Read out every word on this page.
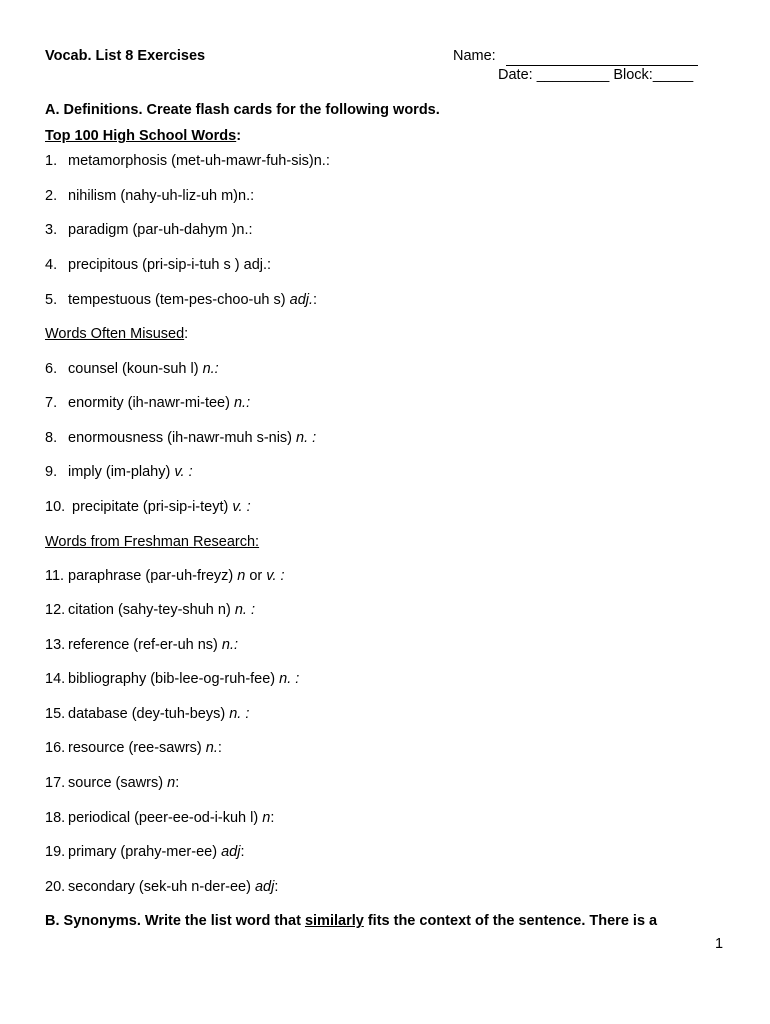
Vocab. List 8 Exercises	Name:
Date: _________ Block:_____
A. Definitions. Create flash cards for the following words.
Top 100 High School Words:
1. metamorphosis (met-uh-mawr-fuh-sis)n.:
2. nihilism (nahy-uh-liz-uh m)n.:
3. paradigm (par-uh-dahym )n.:
4. precipitous (pri-sip-i-tuh s ) adj.:
5. tempestuous (tem-pes-choo-uh s) adj.:
Words Often Misused:
6. counsel (koun-suh l) n.:
7. enormity (ih-nawr-mi-tee) n.:
8. enormousness (ih-nawr-muh s-nis) n. :
9. imply (im-plahy) v. :
10. precipitate (pri-sip-i-teyt) v. :
Words from Freshman Research:
11. paraphrase (par-uh-freyz) n or v. :
12. citation (sahy-tey-shuh n) n. :
13. reference (ref-er-uh ns) n.:
14. bibliography (bib-lee-og-ruh-fee) n. :
15. database (dey-tuh-beys) n. :
16. resource (ree-sawrs) n.:
17. source (sawrs) n:
18. periodical (peer-ee-od-i-kuh l) n:
19. primary (prahy-mer-ee) adj:
20. secondary (sek-uh n-der-ee) adj:
B. Synonyms. Write the list word that similarly fits the context of the sentence. There is a
1
